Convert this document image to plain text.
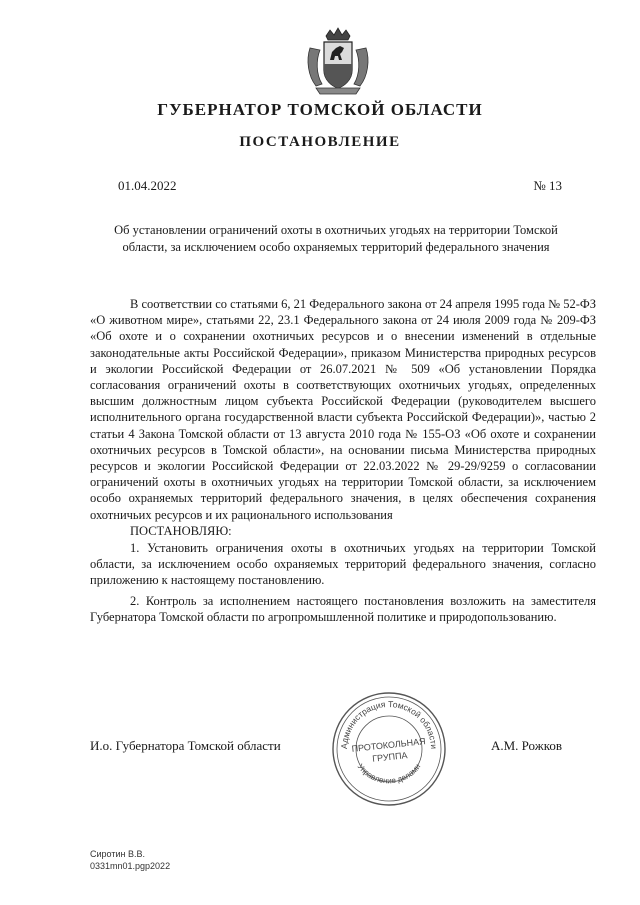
ГУБЕРНАТОР ТОМСКОЙ ОБЛАСТИ
ПОСТАНОВЛЕНИЕ
01.04.2022	№ 13
Об установлении ограничений охоты в охотничьих угодьях на территории Томской области, за исключением особо охраняемых территорий федерального значения

В соответствии со статьями 6, 21 Федерального закона от 24 апреля 1995 года № 52-ФЗ «О животном мире», статьями 22, 23.1 Федерального закона от 24 июля 2009 года № 209-ФЗ «Об охоте и о сохранении охотничьих ресурсов и о внесении изменений в отдельные законодательные акты Российской Федерации», приказом Министерства природных ресурсов и экологии Российской Федерации от 26.07.2021 № 509 «Об установлении Порядка согласования ограничений охоты в соответствующих охотничьих угодьях, определенных высшим должностным лицом субъекта Российской Федерации (руководителем высшего исполнительного органа государственной власти субъекта Российской Федерации)», частью 2 статьи 4 Закона Томской области от 13 августа 2010 года № 155-ОЗ «Об охоте и сохранении охотничьих ресурсов в Томской области», на основании письма Министерства природных ресурсов и экологии Российской Федерации от 22.03.2022 № 29-29/9259 о согласовании ограничений охоты в охотничьих угодьях на территории Томской области, за исключением особо охраняемых территорий федерального значения, в целях обеспечения сохранения охотничьих ресурсов и их рационального использования

ПОСТАНОВЛЯЮ:

1. Установить ограничения охоты в охотничьих угодьях на территории Томской области, за исключением особо охраняемых территорий федерального значения, согласно приложению к настоящему постановлению.

2. Контроль за исполнением настоящего постановления возложить на заместителя Губернатора Томской области по агропромышленной политике и природопользованию.

И.о. Губернатора Томской области	А.М. Рожков
Администрация Томской области
Управление делами
ПРОТОКОЛЬНАЯ
ГРУППА
Сиротин В.В.
0331mn01.pgp2022
